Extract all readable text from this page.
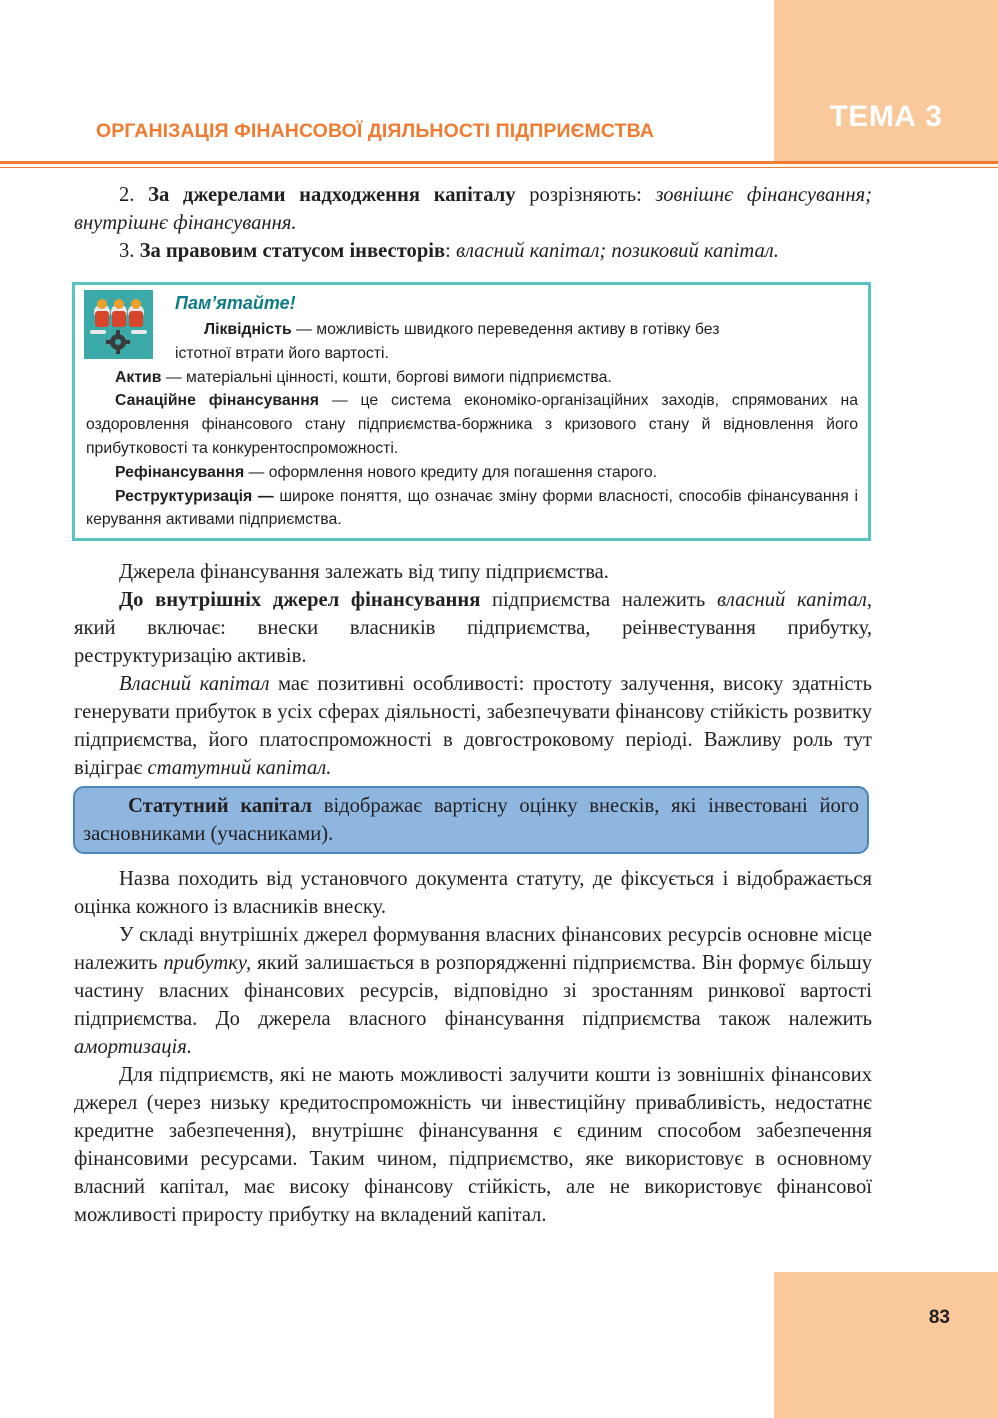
ТЕМА 3
ОРГАНІЗАЦІЯ ФІНАНСОВОЇ ДІЯЛЬНОСТІ ПІДПРИЄМСТВА

2. За джерелами надходження капіталу розрізняють: зовнішнє фінансування; внутрішнє фінансування.

3. За правовим статусом інвесторів: власний капітал; позиковий капітал.

Пам’ятайте!

Ліквідність — можливість швидкого переведення активу в готівку без

істотної втрати його вартості.

Актив — матеріальні цінності, кошти, боргові вимоги підприємства.

Санаційне фінансування — це система економіко-організаційних заходів, спрямованих на оздоровлення фінансового стану підприємства-боржника з кризового стану й відновлення його прибутковості та конкурентоспроможності.

Рефінансування — оформлення нового кредиту для погашення старого.

Реструктуризація — широке поняття, що означає зміну форми власності, способів фінансування і керування активами підприємства.

Джерела фінансування залежать від типу підприємства.

До внутрішніх джерел фінансування підприємства належить власний капітал, який включає: внески власників підприємства, реінвестування прибутку, реструктуризацію активів.

Власний капітал має позитивні особливості: простоту залучення, високу здатність генерувати прибуток в усіх сферах діяльності, забезпечувати фінансову стійкість розвитку підприємства, його платоспроможності в довгостроковому періоді. Важливу роль тут відіграє статутний капітал.

Статутний капітал відображає вартісну оцінку внесків, які інвестовані його засновниками (учасниками).

Назва походить від установчого документа статуту, де фіксується і відображається оцінка кожного із власників внеску.

У складі внутрішніх джерел формування власних фінансових ресурсів основне місце належить прибутку, який залишається в розпорядженні підприємства. Він формує більшу частину власних фінансових ресурсів, відповідно зі зростанням ринкової вартості підприємства. До джерела власного фінансування підприємства також належить амортизація.

Для підприємств, які не мають можливості залучити кошти із зовнішніх фінансових джерел (через низьку кредитоспроможність чи інвестиційну привабливість, недостатнє кредитне забезпечення), внутрішнє фінансування є єдиним способом забезпечення фінансовими ресурсами. Таким чином, підприємство, яке використовує в основному власний капітал, має високу фінансову стійкість, але не використовує фінансової можливості приросту прибутку на вкладений капітал.

83
